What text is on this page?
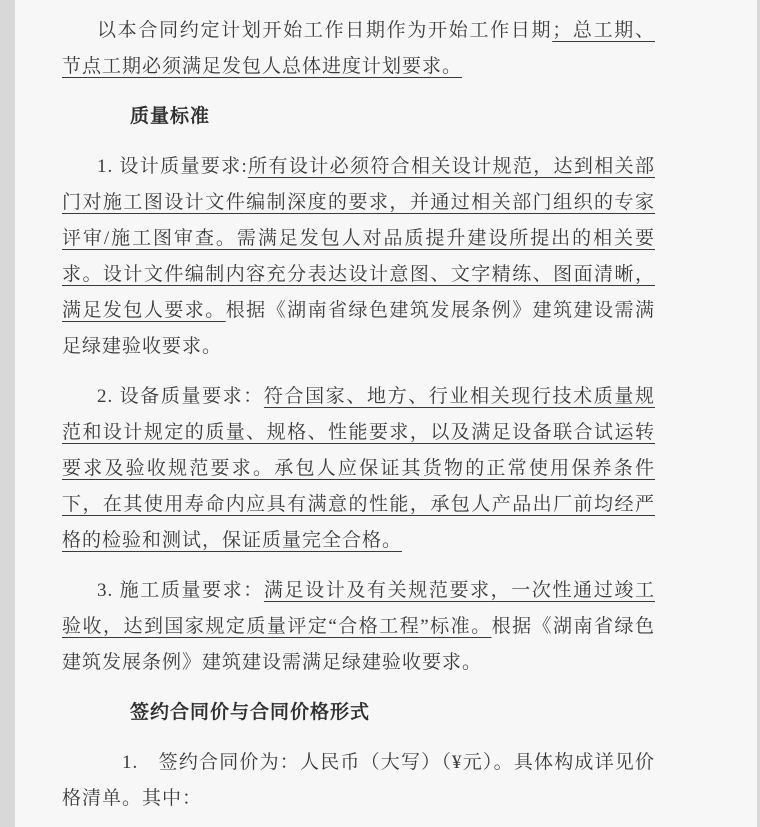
以本合同约定计划开始工作日期作为开始工作日期；总工期、节点工期必须满足发包人总体进度计划要求。

质量标准

1. 设计质量要求:所有设计必须符合相关设计规范，达到相关部门对施工图设计文件编制深度的要求，并通过相关部门组织的专家评审/施工图审查。需满足发包人对品质提升建设所提出的相关要求。设计文件编制内容充分表达设计意图、文字精练、图面清晰，满足发包人要求。根据《湖南省绿色建筑发展条例》建筑建设需满足绿建验收要求。

2. 设备质量要求：符合国家、地方、行业相关现行技术质量规范和设计规定的质量、规格、性能要求，以及满足设备联合试运转要求及验收规范要求。承包人应保证其货物的正常使用保养条件下，在其使用寿命内应具有满意的性能，承包人产品出厂前均经严格的检验和测试，保证质量完全合格。

3. 施工质量要求：满足设计及有关规范要求，一次性通过竣工验收，达到国家规定质量评定“合格工程”标准。根据《湖南省绿色建筑发展条例》建筑建设需满足绿建验收要求。

签约合同价与合同价格形式

1.　签约合同价为：人民币（大写）（¥元）。具体构成详见价格清单。其中：
